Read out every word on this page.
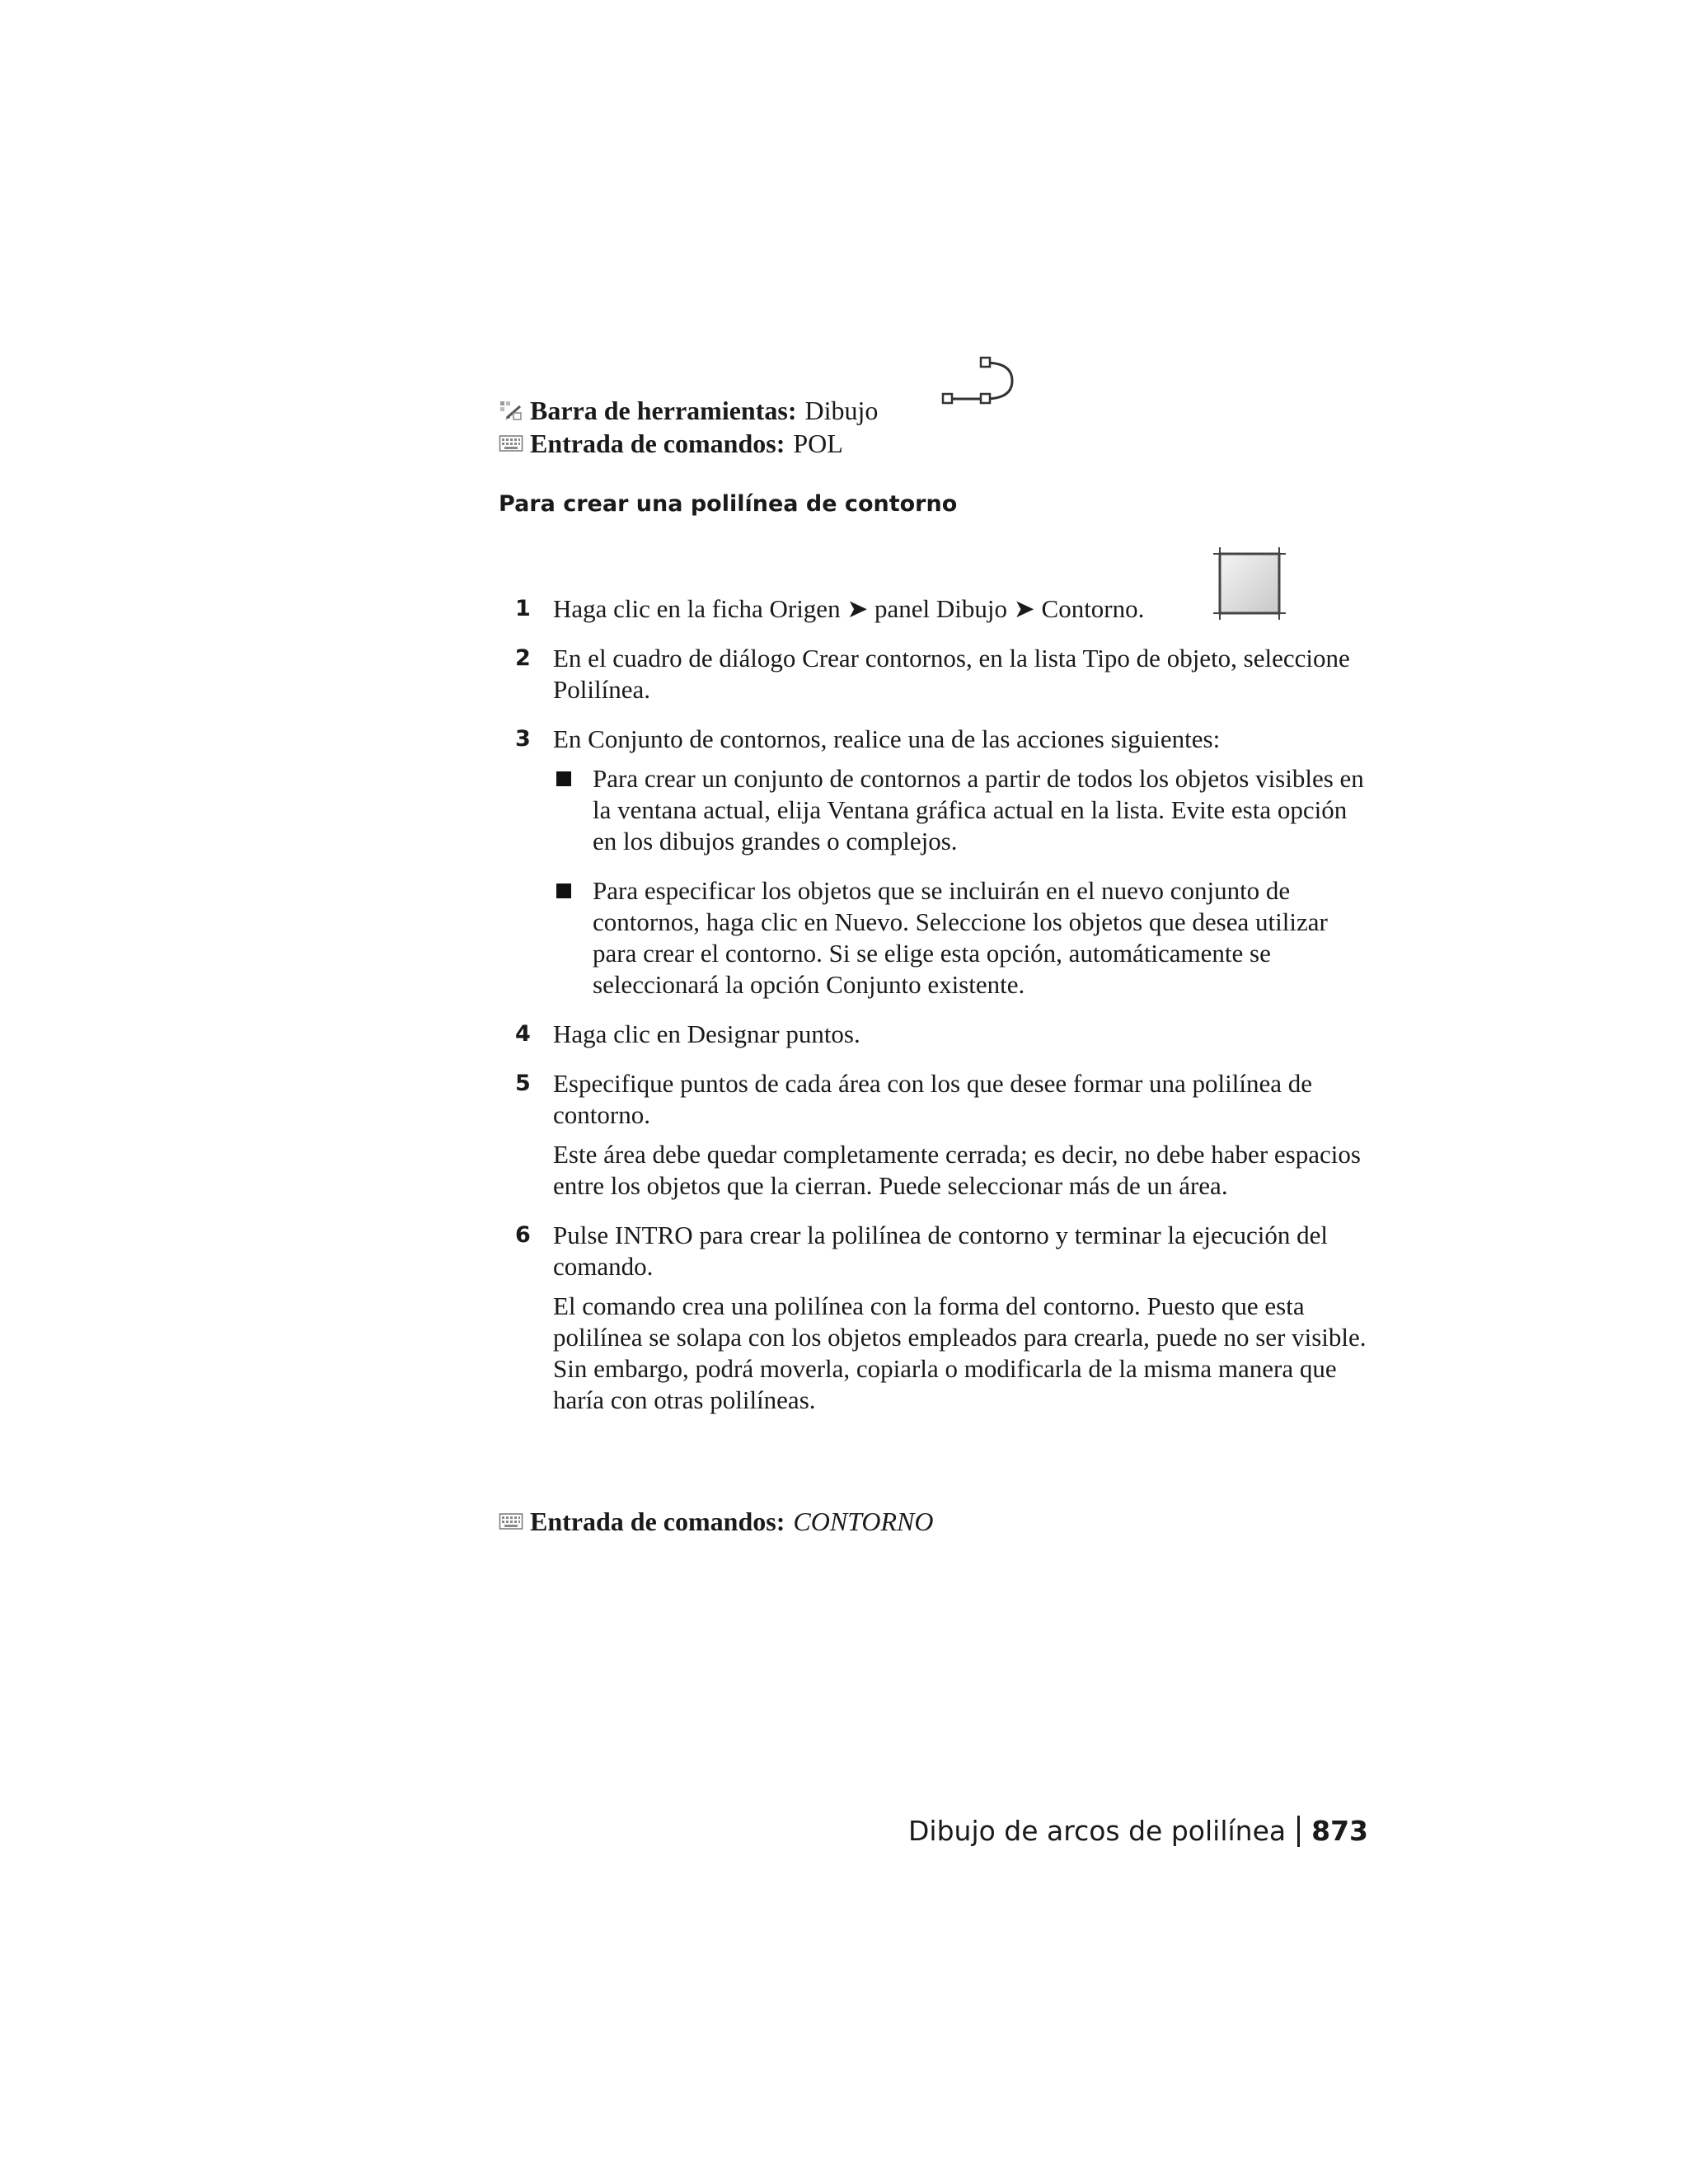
Barra de herramientas: Dibujo
Entrada de comandos: POL
Para crear una polilínea de contorno
1 Haga clic en la ficha Origen ➤ panel Dibujo ➤ Contorno.
2 En el cuadro de diálogo Crear contornos, en la lista Tipo de objeto, seleccione Polilínea.
3 En Conjunto de contornos, realice una de las acciones siguientes:
Para crear un conjunto de contornos a partir de todos los objetos visibles en la ventana actual, elija Ventana gráfica actual en la lista. Evite esta opción en los dibujos grandes o complejos.
Para especificar los objetos que se incluirán en el nuevo conjunto de contornos, haga clic en Nuevo. Seleccione los objetos que desea utilizar para crear el contorno. Si se elige esta opción, automáticamente se seleccionará la opción Conjunto existente.
4 Haga clic en Designar puntos.
5 Especifique puntos de cada área con los que desee formar una polilínea de contorno.
Este área debe quedar completamente cerrada; es decir, no debe haber espacios entre los objetos que la cierran. Puede seleccionar más de un área.
6 Pulse INTRO para crear la polilínea de contorno y terminar la ejecución del comando.
El comando crea una polilínea con la forma del contorno. Puesto que esta polilínea se solapa con los objetos empleados para crearla, puede no ser visible. Sin embargo, podrá moverla, copiarla o modificarla de la misma manera que haría con otras polilíneas.
Entrada de comandos: CONTORNO
Dibujo de arcos de polilínea 873
